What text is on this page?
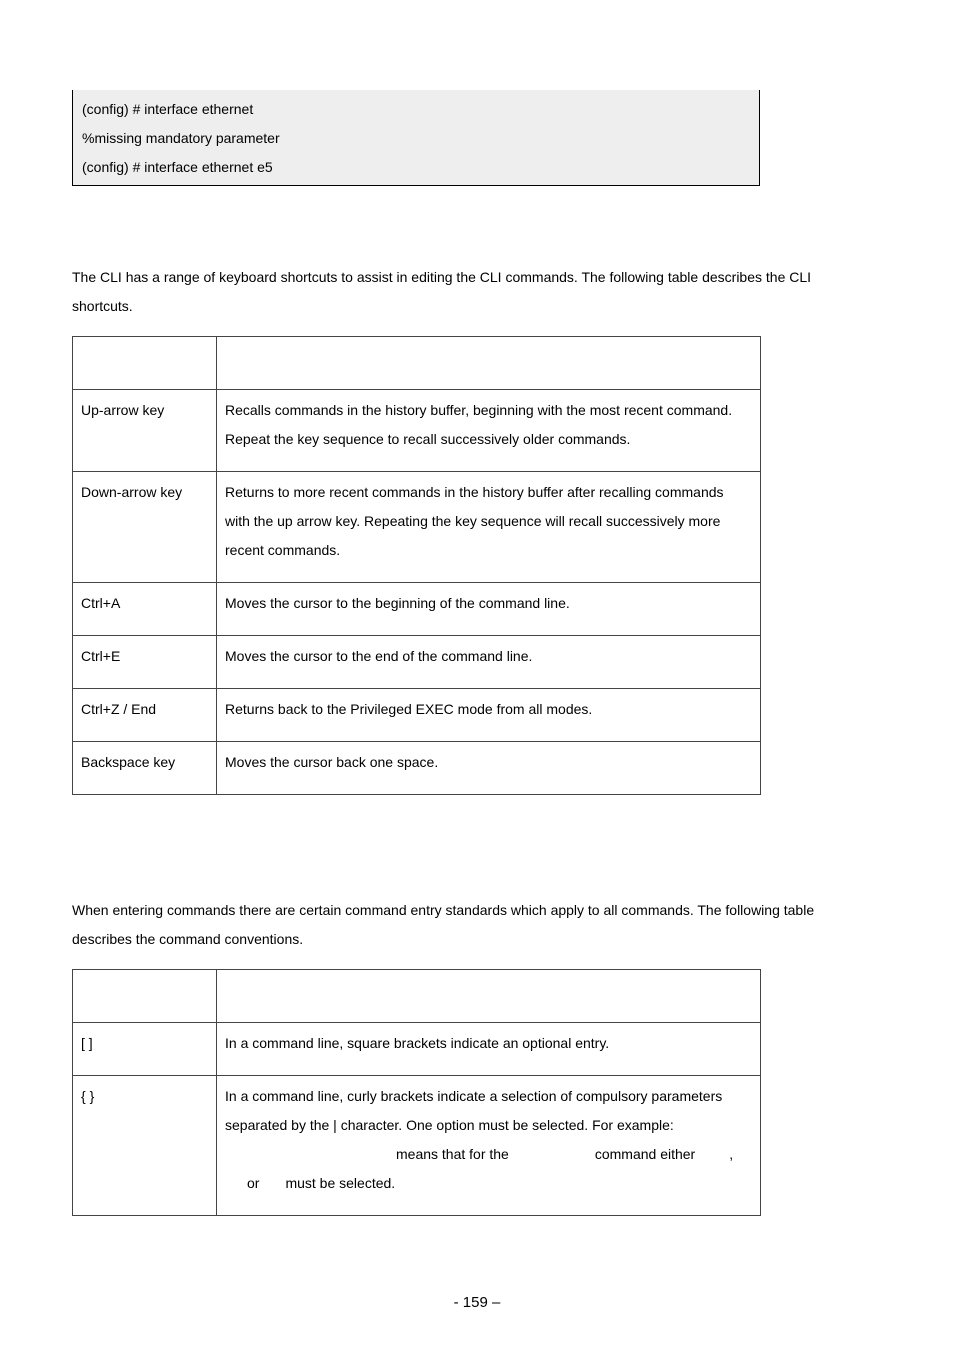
(config) # interface ethernet
%missing mandatory parameter
(config) # interface ethernet e5
The CLI has a range of keyboard shortcuts to assist in editing the CLI commands. The following table describes the CLI shortcuts.

Up-arrow key	Recalls commands in the history buffer, beginning with the most recent command. Repeat the key sequence to recall successively older commands.
Down-arrow key	Returns to more recent commands in the history buffer after recalling commands with the up arrow key. Repeating the key sequence will recall successively more recent commands.
Ctrl+A	Moves the cursor to the beginning of the command line.
Ctrl+E	Moves the cursor to the end of the command line.
Ctrl+Z / End	Returns back to the Privileged EXEC mode from all modes.
Backspace key	Moves the cursor back one space.
When entering commands there are certain command entry standards which apply to all commands. The following table describes the command conventions.

[ ]	In a command line, square brackets indicate an optional entry.
{ }	In a command line, curly brackets indicate a selection of compulsory parameters separated by the | character. One option must be selected. For example:
means that for the command either ,
or must be selected.
- 159 –
